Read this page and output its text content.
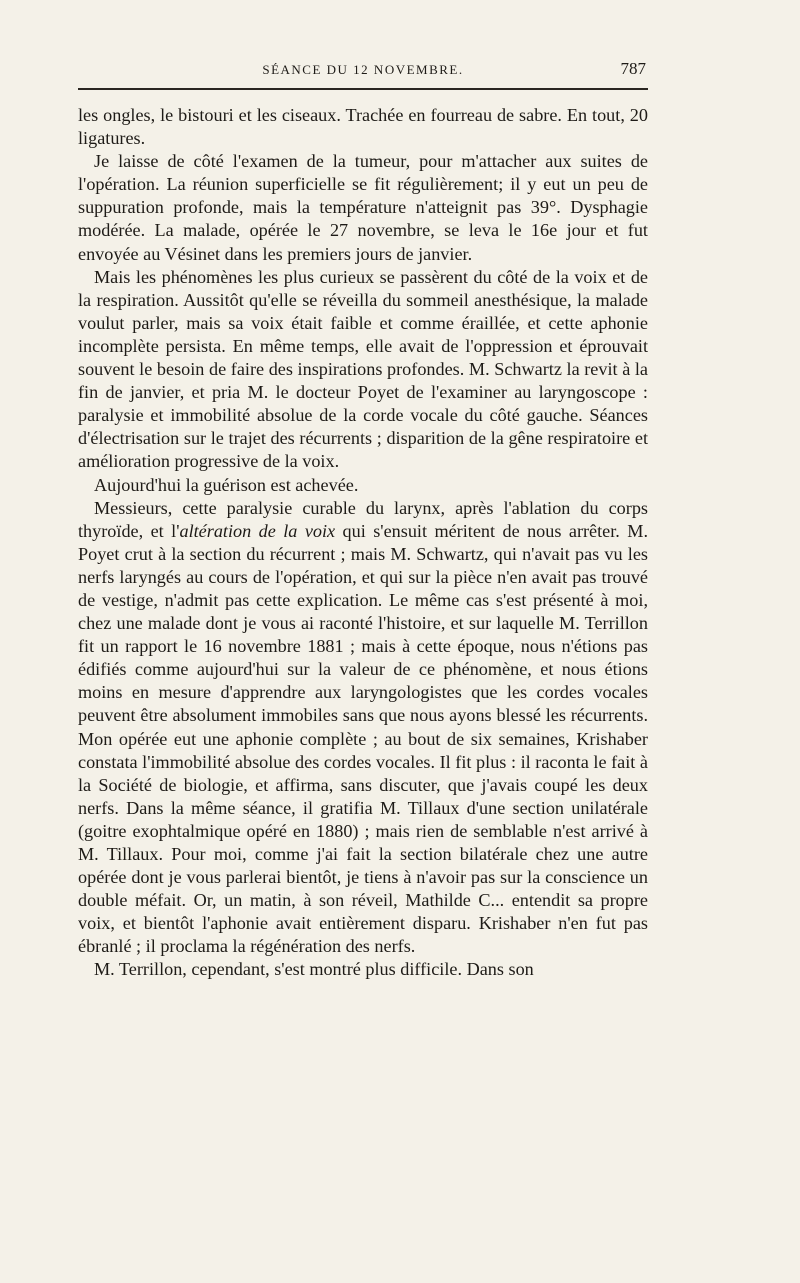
SÉANCE DU 12 NOVEMBRE.	787

les ongles, le bistouri et les ciseaux. Trachée en fourreau de sabre. En tout, 20 ligatures.

Je laisse de côté l'examen de la tumeur, pour m'attacher aux suites de l'opération. La réunion superficielle se fit régulièrement; il y eut un peu de suppuration profonde, mais la température n'atteignit pas 39°. Dysphagie modérée. La malade, opérée le 27 novembre, se leva le 16e jour et fut envoyée au Vésinet dans les premiers jours de janvier.

Mais les phénomènes les plus curieux se passèrent du côté de la voix et de la respiration. Aussitôt qu'elle se réveilla du sommeil anesthésique, la malade voulut parler, mais sa voix était faible et comme éraillée, et cette aphonie incomplète persista. En même temps, elle avait de l'oppression et éprouvait souvent le besoin de faire des inspirations profondes. M. Schwartz la revit à la fin de janvier, et pria M. le docteur Poyet de l'examiner au laryngoscope : paralysie et immobilité absolue de la corde vocale du côté gauche. Séances d'électrisation sur le trajet des récurrents ; disparition de la gêne respiratoire et amélioration progressive de la voix.

Aujourd'hui la guérison est achevée.

Messieurs, cette paralysie curable du larynx, après l'ablation du corps thyroïde, et l'altération de la voix qui s'ensuit méritent de nous arrêter. M. Poyet crut à la section du récurrent ; mais M. Schwartz, qui n'avait pas vu les nerfs laryngés au cours de l'opération, et qui sur la pièce n'en avait pas trouvé de vestige, n'admit pas cette explication. Le même cas s'est présenté à moi, chez une malade dont je vous ai raconté l'histoire, et sur laquelle M. Terrillon fit un rapport le 16 novembre 1881 ; mais à cette époque, nous n'étions pas édifiés comme aujourd'hui sur la valeur de ce phénomène, et nous étions moins en mesure d'apprendre aux laryngologistes que les cordes vocales peuvent être absolument immobiles sans que nous ayons blessé les récurrents. Mon opérée eut une aphonie complète ; au bout de six semaines, Krishaber constata l'immobilité absolue des cordes vocales. Il fit plus : il raconta le fait à la Société de biologie, et affirma, sans discuter, que j'avais coupé les deux nerfs. Dans la même séance, il gratifia M. Tillaux d'une section unilatérale (goitre exophtalmique opéré en 1880) ; mais rien de semblable n'est arrivé à M. Tillaux. Pour moi, comme j'ai fait la section bilatérale chez une autre opérée dont je vous parlerai bientôt, je tiens à n'avoir pas sur la conscience un double méfait. Or, un matin, à son réveil, Mathilde C... entendit sa propre voix, et bientôt l'aphonie avait entièrement disparu. Krishaber n'en fut pas ébranlé ; il proclama la régénération des nerfs.

M. Terrillon, cependant, s'est montré plus difficile. Dans son
